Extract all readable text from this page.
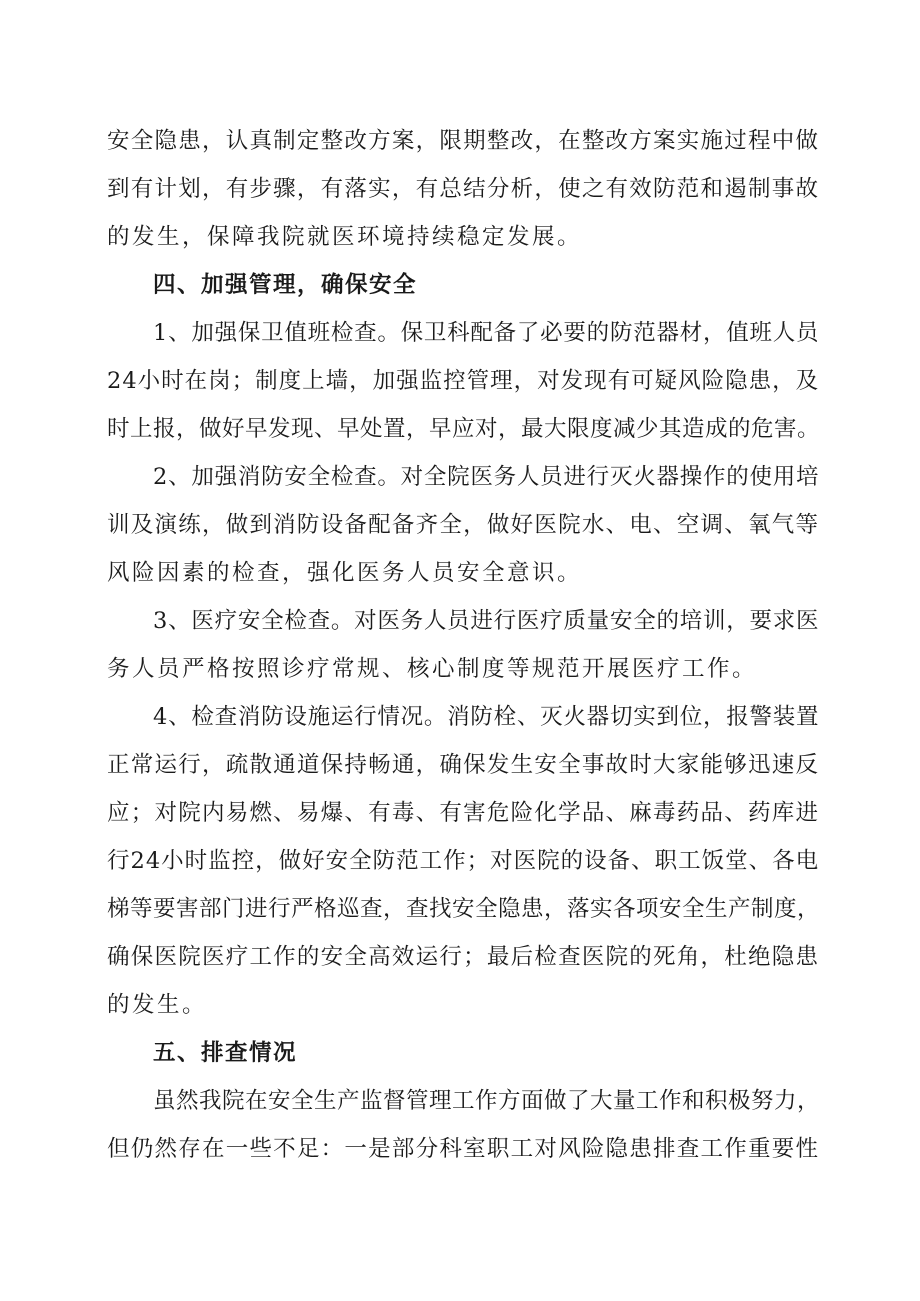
安全隐患，认真制定整改方案，限期整改，在整改方案实施过程中做
到有计划，有步骤，有落实，有总结分析，使之有效防范和遏制事故
的发生，保障我院就医环境持续稳定发展。
四、加强管理，确保安全
1、加强保卫值班检查。保卫科配备了必要的防范器材，值班人员
24小时在岗；制度上墙，加强监控管理，对发现有可疑风险隐患，及
时上报，做好早发现、早处置，早应对，最大限度减少其造成的危害。
2、加强消防安全检查。对全院医务人员进行灭火器操作的使用培
训及演练，做到消防设备配备齐全，做好医院水、电、空调、氧气等
风险因素的检查，强化医务人员安全意识。
3、医疗安全检查。对医务人员进行医疗质量安全的培训，要求医
务人员严格按照诊疗常规、核心制度等规范开展医疗工作。
4、检查消防设施运行情况。消防栓、灭火器切实到位，报警装置
正常运行，疏散通道保持畅通，确保发生安全事故时大家能够迅速反
应；对院内易燃、易爆、有毒、有害危险化学品、麻毒药品、药库进
行24小时监控，做好安全防范工作；对医院的设备、职工饭堂、各电
梯等要害部门进行严格巡查，查找安全隐患，落实各项安全生产制度，
确保医院医疗工作的安全高效运行；最后检查医院的死角，杜绝隐患
的发生。
五、排查情况
虽然我院在安全生产监督管理工作方面做了大量工作和积极努力，
但仍然存在一些不足：一是部分科室职工对风险隐患排查工作重要性
